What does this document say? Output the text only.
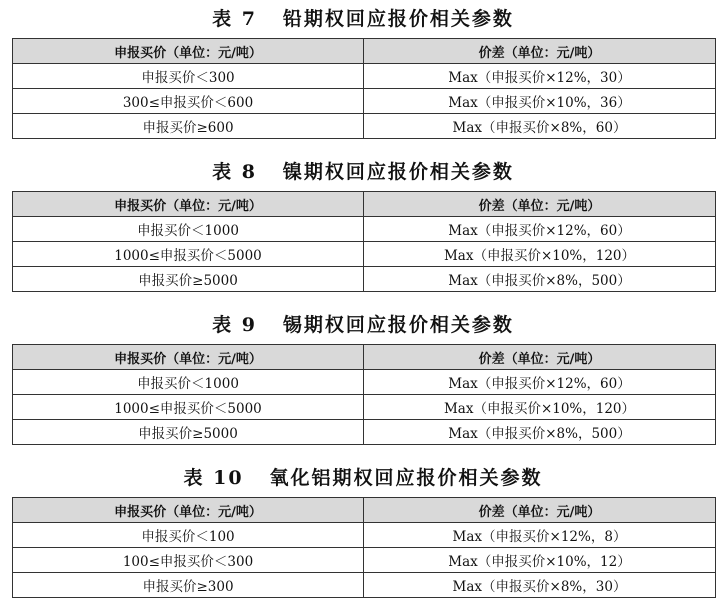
表 7   铅期权回应报价相关参数
申报买价（单位：元/吨）	价差（单位：元/吨）
申报买价＜300	Max（申报买价×12%，30）
300≤申报买价＜600	Max（申报买价×10%，36）
申报买价≥600	Max（申报买价×8%，60）
表 8   镍期权回应报价相关参数
申报买价（单位：元/吨）	价差（单位：元/吨）
申报买价＜1000	Max（申报买价×12%，60）
1000≤申报买价＜5000	Max（申报买价×10%，120）
申报买价≥5000	Max（申报买价×8%，500）
表 9   锡期权回应报价相关参数
申报买价（单位：元/吨）	价差（单位：元/吨）
申报买价＜1000	Max（申报买价×12%，60）
1000≤申报买价＜5000	Max（申报买价×10%，120）
申报买价≥5000	Max（申报买价×8%，500）
表 10   氧化铝期权回应报价相关参数
申报买价（单位：元/吨）	价差（单位：元/吨）
申报买价＜100	Max（申报买价×12%，8）
100≤申报买价＜300	Max（申报买价×10%，12）
申报买价≥300	Max（申报买价×8%，30）
